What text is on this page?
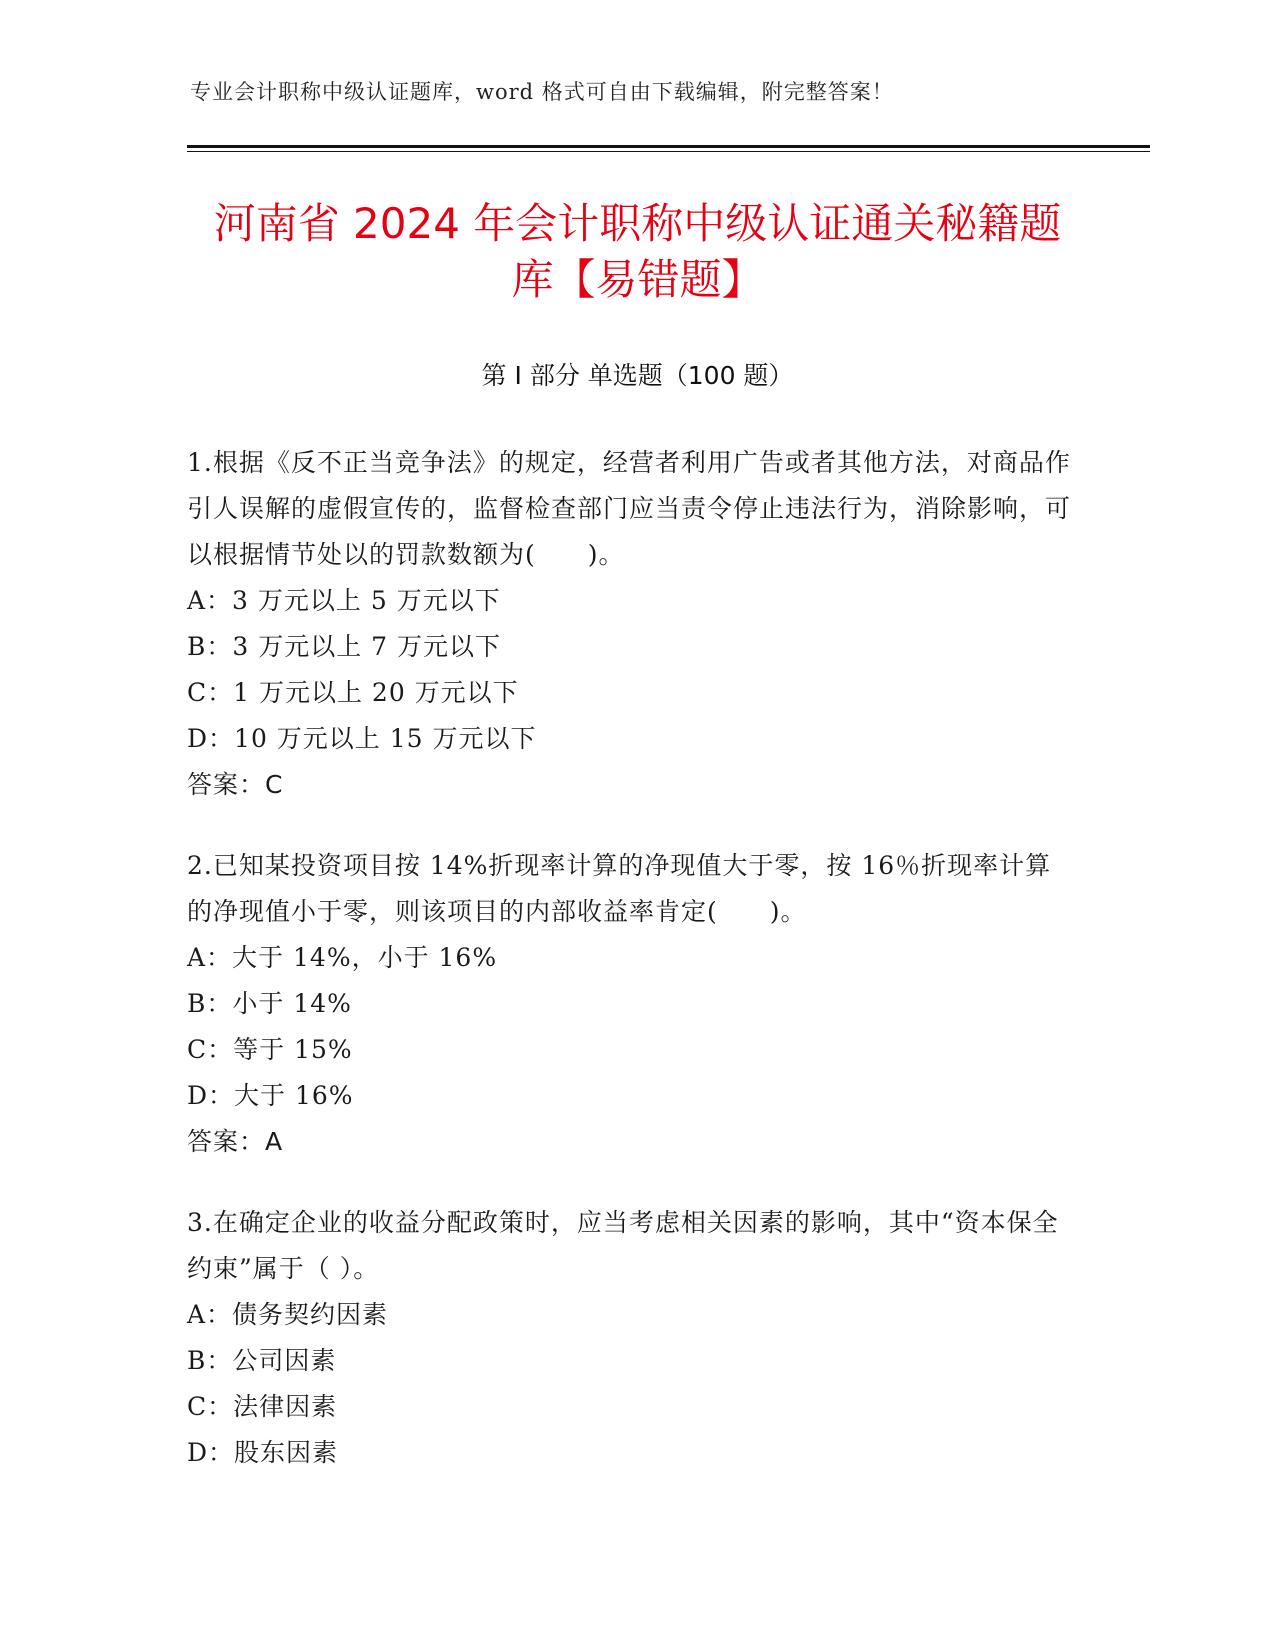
专业会计职称中级认证题库，word 格式可自由下载编辑，附完整答案！
河南省 2024 年会计职称中级认证通关秘籍题
库【易错题】
第 I 部分 单选题（100 题）

1.根据《反不正当竞争法》的规定，经营者利用广告或者其他方法，对商品作引人误解的虚假宣传的，监督检查部门应当责令停止违法行为，消除影响，可以根据情节处以的罚款数额为(　　)。

A：3 万元以上 5 万元以下

B：3 万元以上 7 万元以下

C：1 万元以上 20 万元以下

D：10 万元以上 15 万元以下

答案：C

2.已知某投资项目按 14%折现率计算的净现值大于零，按 16％折现率计算的净现值小于零，则该项目的内部收益率肯定(　　)。

A：大于 14%，小于 16%

B：小于 14%

C：等于 15%

D：大于 16%

答案：A

3.在确定企业的收益分配政策时，应当考虑相关因素的影响，其中“资本保全约束”属于（ ）。

A：债务契约因素

B：公司因素

C：法律因素

D：股东因素
